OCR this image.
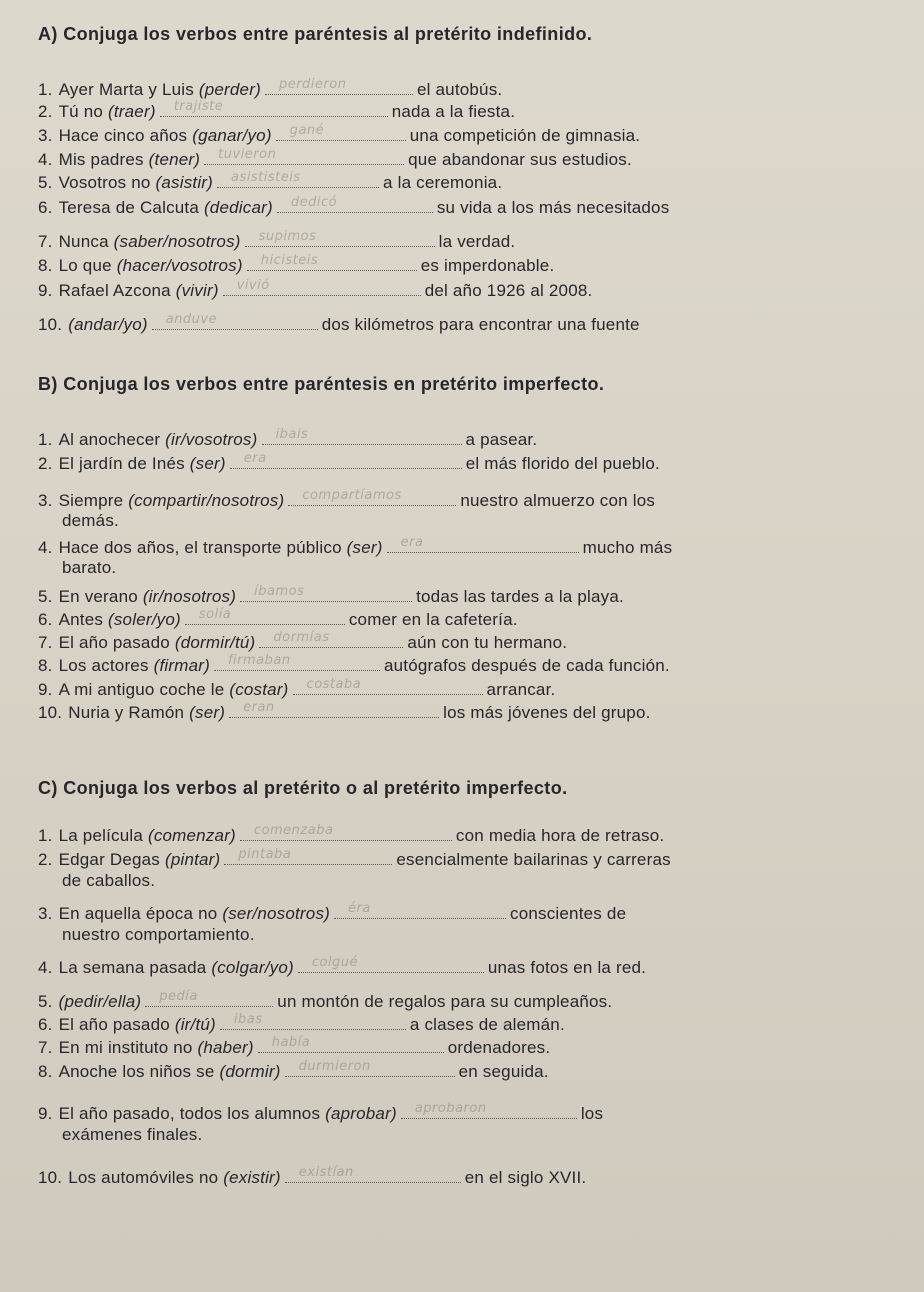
A) Conjuga los verbos entre paréntesis al pretérito indefinido.
1. Ayer Marta y Luis (perder) perdieron	el autobús.
2. Tú no (traer) trajiste	nada a la fiesta.
3. Hace cinco años (ganar/yo) gané	una competición de gimnasia.
4. Mis padres (tener) tuvieron	que abandonar sus estudios.
5. Vosotros no (asistir) asististeis	a la ceremonia.
6. Teresa de Calcuta (dedicar) dedicó	su vida a los más necesitados
7. Nunca (saber/nosotros) supimos	la verdad.
8. Lo que (hacer/vosotros) hicisteis	es imperdonable.
9. Rafael Azcona (vivir) vivió	del año 1926 al 2008.
10. (andar/yo) anduve	dos kilómetros para encontrar una fuente
B) Conjuga los verbos entre paréntesis en pretérito imperfecto.
1. Al anochecer (ir/vosotros) ibais	a pasear.
2. El jardín de Inés (ser) era	el más florido del pueblo.
3. Siempre (compartir/nosotros) compartíamos	nuestro almuerzo con los
demás.
4. Hace dos años, el transporte público (ser) era	mucho más
barato.
5. En verano (ir/nosotros) íbamos	todas las tardes a la playa.
6. Antes (soler/yo) solía	comer en la cafetería.
7. El año pasado (dormir/tú) dormías	aún con tu hermano.
8. Los actores (firmar) firmaban	autógrafos después de cada función.
9. A mi antiguo coche le (costar) costaba	arrancar.
10. Nuria y Ramón (ser) eran	los más jóvenes del grupo.
C) Conjuga los verbos al pretérito o al pretérito imperfecto.
1. La película (comenzar) comenzaba	con media hora de retraso.
2. Edgar Degas (pintar) pintaba	esencialmente bailarinas y carreras
de caballos.
3. En aquella época no (ser/nosotros) éra	conscientes de
nuestro comportamiento.
4. La semana pasada (colgar/yo) colgué	unas fotos en la red.
5. (pedir/ella) pedía	un montón de regalos para su cumpleaños.
6. El año pasado (ir/tú) ibas	a clases de alemán.
7. En mi instituto no (haber) había	ordenadores.
8. Anoche los niños se (dormir) durmieron	en seguida.
9. El año pasado, todos los alumnos (aprobar) aprobaron	los
exámenes finales.
10. Los automóviles no (existir) existían	en el siglo XVII.
